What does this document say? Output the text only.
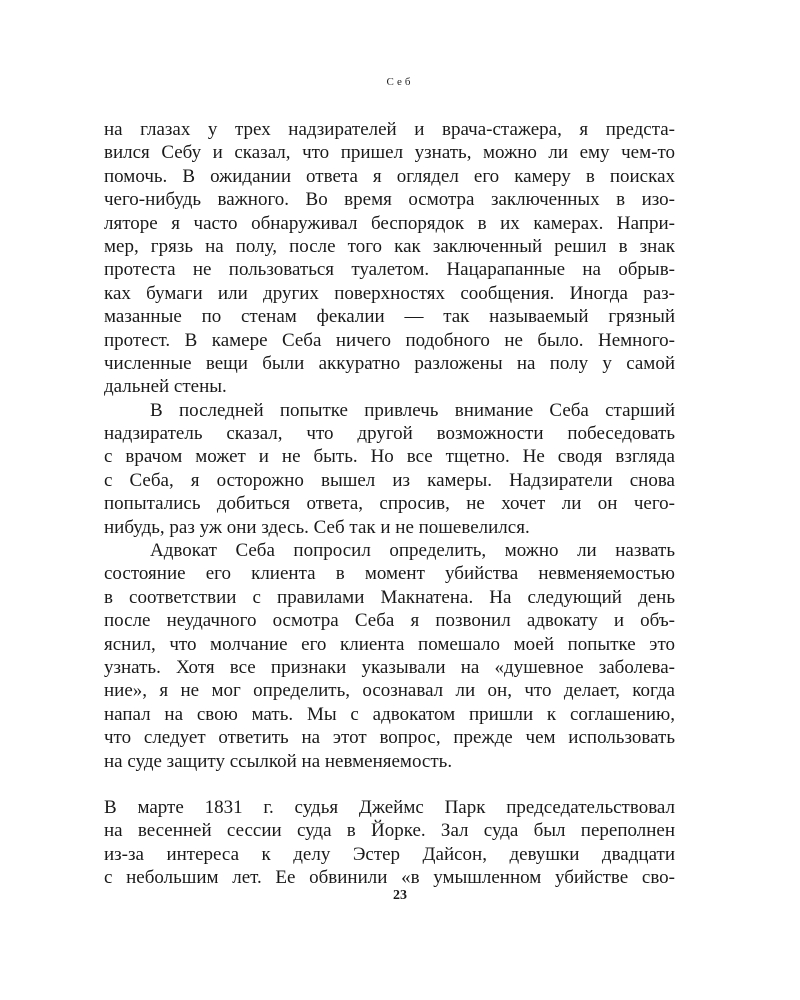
Себ
на глазах у трех надзирателей и врача-стажера, я предста-
вился Себу и сказал, что пришел узнать, можно ли ему чем-то
помочь. В ожидании ответа я оглядел его камеру в поисках
чего-нибудь важного. Во время осмотра заключенных в изо-
ляторе я часто обнаруживал беспорядок в их камерах. Напри-
мер, грязь на полу, после того как заключенный решил в знак
протеста не пользоваться туалетом. Нацарапанные на обрыв-
ках бумаги или других поверхностях сообщения. Иногда раз-
мазанные по стенам фекалии — так называемый грязный
протест. В камере Себа ничего подобного не было. Немного-
численные вещи были аккуратно разложены на полу у самой
дальней стены.
В последней попытке привлечь внимание Себа старший
надзиратель сказал, что другой возможности побеседовать
с врачом может и не быть. Но все тщетно. Не сводя взгляда
с Себа, я осторожно вышел из камеры. Надзиратели снова
попытались добиться ответа, спросив, не хочет ли он чего-
нибудь, раз уж они здесь. Себ так и не пошевелился.
Адвокат Себа попросил определить, можно ли назвать
состояние его клиента в момент убийства невменяемостью
в соответствии с правилами Макнатена. На следующий день
после неудачного осмотра Себа я позвонил адвокату и объ-
яснил, что молчание его клиента помешало моей попытке это
узнать. Хотя все признаки указывали на «душевное заболева-
ние», я не мог определить, осознавал ли он, что делает, когда
напал на свою мать. Мы с адвокатом пришли к соглашению,
что следует ответить на этот вопрос, прежде чем использовать
на суде защиту ссылкой на невменяемость.
В марте 1831 г. судья Джеймс Парк председательствовал
на весенней сессии суда в Йорке. Зал суда был переполнен
из-за интереса к делу Эстер Дайсон, девушки двадцати
с небольшим лет. Ее обвинили «в умышленном убийстве сво-
23
